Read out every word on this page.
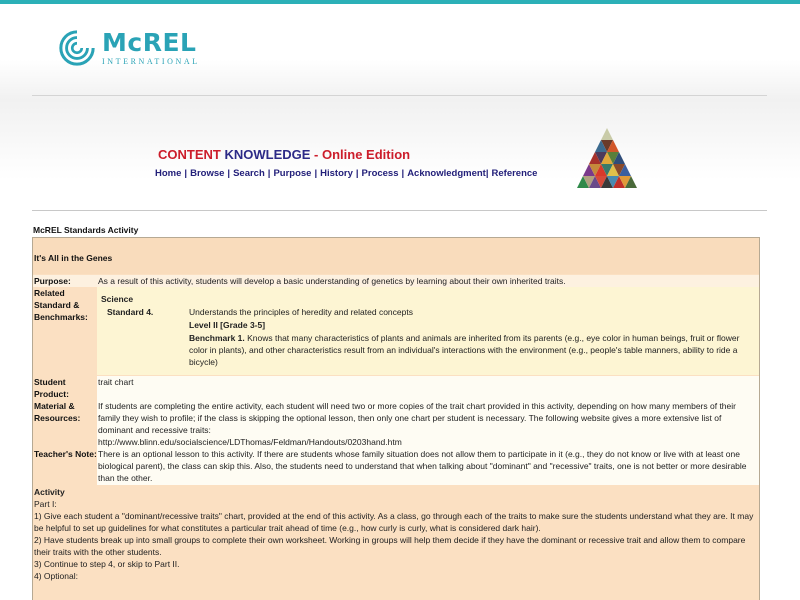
McREL
INTERNATIONAL
CONTENT KNOWLEDGE - Online Edition
Home | Browse | Search | Purpose | History | Process | Acknowledgment| Reference
McREL Standards Activity
It's All in the Genes
Purpose:	As a result of this activity, students will develop a basic understanding of genetics by learning about their own inherited traits.
Related Standard & Benchmarks:
Science
Standard 4.	Understands the principles of heredity and related concepts
Level II [Grade 3-5]
Benchmark 1. Knows that many characteristics of plants and animals are inherited from its parents (e.g., eye color in human beings, fruit or flower color in plants), and other characteristics result from an individual's interactions with the environment (e.g., people's table manners, ability to ride a bicycle)
Student Product:
trait chart
Material & Resources:
If students are completing the entire activity, each student will need two or more copies of the trait chart provided in this activity, depending on how many members of their family they wish to profile; if the class is skipping the optional lesson, then only one chart per student is necessary. The following website gives a more extensive list of dominant and recessive traits:
http://www.blinn.edu/socialscience/LDThomas/Feldman/Handouts/0203hand.htm
Teacher's Note: There is an optional lesson to this activity. If there are students whose family situation does not allow them to participate in it (e.g., they do not know or live with at least one biological parent), the class can skip this. Also, the students need to understand that when talking about "dominant" and "recessive" traits, one is not better or more desirable than the other.
Activity
Part I:
1) Give each student a "dominant/recessive traits" chart, provided at the end of this activity. As a class, go through each of the traits to make sure the students understand what they are. It may be helpful to set up guidelines for what constitutes a particular trait ahead of time (e.g., how curly is curly, what is considered dark hair).
2) Have students break up into small groups to complete their own worksheet. Working in groups will help them decide if they have the dominant or recessive trait and allow them to compare their traits with the other students.
3) Continue to step 4, or skip to Part II.
4) Optional:
